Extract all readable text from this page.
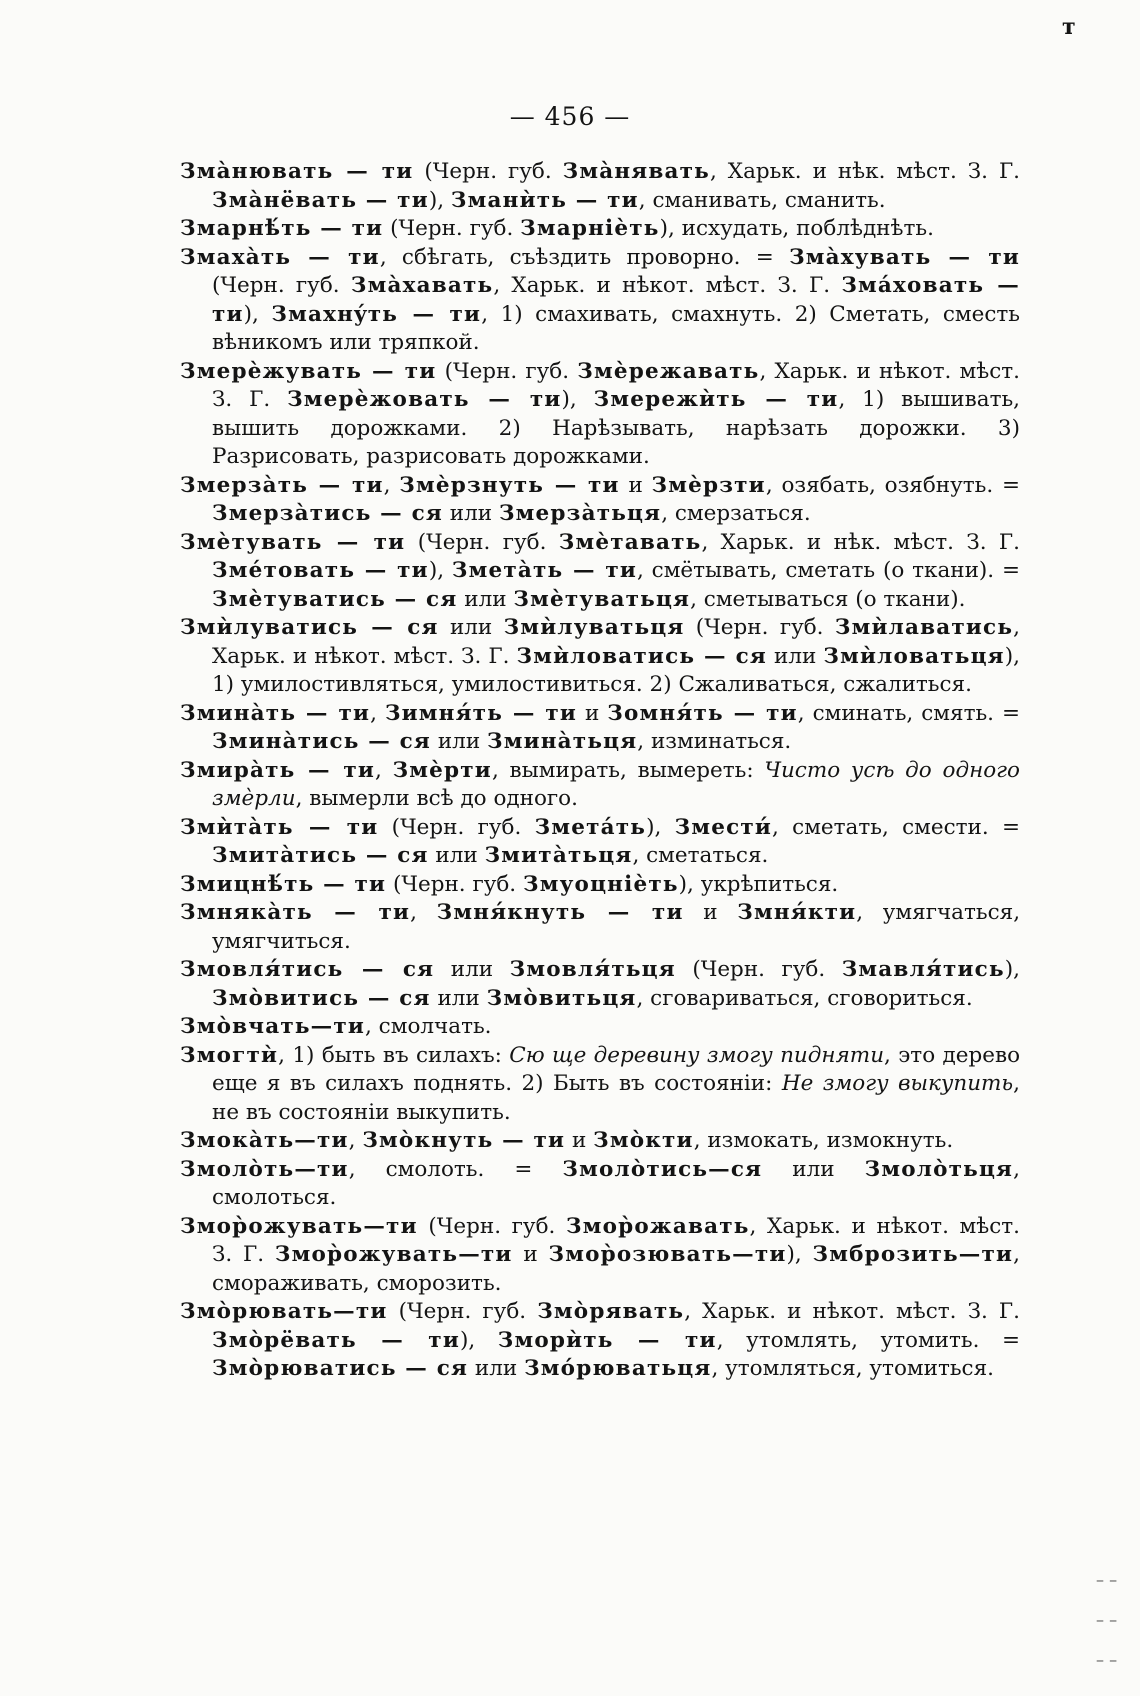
т
— 456 —

Змàнювать — ти (Черн. губ. Змàнявать, Харьк. и нѣк. мѣст. З. Г. Змàнёвать — ти), Зманѝть — ти, сманивать, сманить.

Змарнѣ́ть — ти (Черн. губ. Змарнiѐть), исхудать, поблѣднѣть.

Змахàть — ти, сбѣгать, съѣздить проворно. = Змàхувать — ти (Черн. губ. Змàхавать, Харьк. и нѣкот. мѣст. З. Г. Змáховать — ти), Змахнýть — ти, 1) смахивать, смахнуть. 2) Сметать, сместь вѣникомъ или тряпкой.

Змерѐжувать — ти (Черн. губ. Змѐрежавать, Харьк. и нѣкот. мѣст. З. Г. Змерѐжовать — ти), Змережѝть — ти, 1) вышивать, вышить дорожками. 2) Нарѣзывать, нарѣзать дорожки. 3) Разрисовать, разрисовать дорожками.

Змерзàть — ти, Змѐрзнуть — ти и Змѐрзти, озябать, озябнуть. = Змерзàтись — ся или Змерзàтьця, смерзаться.

Змѐтувать — ти (Черн. губ. Змѐтавать, Харьк. и нѣк. мѣст. З. Г. Змéтовать — ти), Зметàть — ти, смётывать, сметать (о ткани). = Змѐтуватись — ся или Змѐтуватьця, сметываться (о ткани).

Змѝлуватись — ся или Змѝлуватьця (Черн. губ. Змѝлаватись, Харьк. и нѣкот. мѣст. З. Г. Змѝловатись — ся или Змѝловатьця), 1) умилостивляться, умилостивиться. 2) Сжаливаться, сжалиться.

Зминàть — ти, Зимня́ть — ти и Зомня́ть — ти, сминать, смять. = Зминàтись — ся или Зминàтьця, изминаться.

Змирàть — ти, Змѐрти, вымирать, вымереть: Чисто усѣ до одного змѐрли, вымерли всѣ до одного.

Змѝтàть — ти (Черн. губ. Зметáть), Змести́, сметать, смести. = Змитàтись — ся или Змитàтьця, сметаться.

Змицнѣ́ть — ти (Черн. губ. Змуоцнiѐть), укрѣпиться.

Змнякàть — ти, Змня́кнуть — ти и Змня́кти, умягчаться, умягчиться.

Змовля́тись — ся или Змовля́тьця (Черн. губ. Змавля́тись), Змòвитись — ся или Змòвитьця, сговариваться, сговориться.

Змòвчать—ти, смолчать.

Змогтѝ, 1) быть въ силахъ: Сю ще деревину змогу пидняти, это дерево еще я въ силахъ поднять. 2) Быть въ состоянiи: Не змогу выкупить, не въ состоянiи выкупить.

Змокàть—ти, Змòкнуть — ти и Змòкти, измокать, измокнуть.

Змолòть—ти, смолоть. = Змолòтись—ся или Змолòтьця, смолоться.

Змор̀ожувать—ти (Черн. губ. Змор̀ожавать, Харьк. и нѣкот. мѣст. З. Г. Змор̀ожувать—ти и Змор̀озювать—ти), Змброзить—ти, смораживать, сморозить.

Змòрювать—ти (Черн. губ. Змòрявать, Харьк. и нѣкот. мѣст. З. Г. Змòрёвать — ти), Зморѝть — ти, утомлять, утомить. = Змòрюватись — ся или Змóрюватьця, утомляться, утомиться.

– –
– –
– –
